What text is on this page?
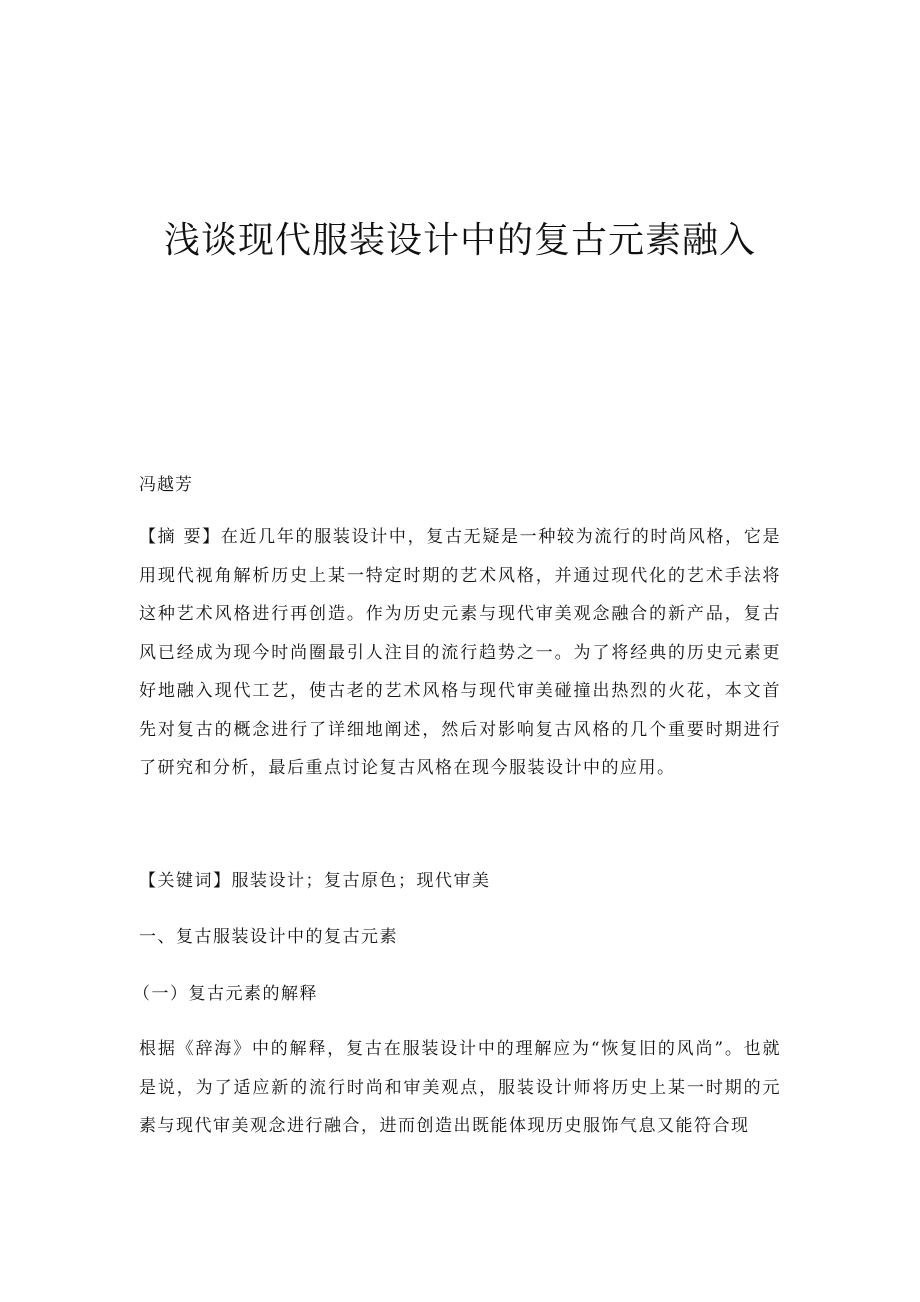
浅谈现代服装设计中的复古元素融入
冯越芳

【摘 要】在近几年的服装设计中，复古无疑是一种较为流行的时尚风格，它是用现代视角解析历史上某一特定时期的艺术风格，并通过现代化的艺术手法将这种艺术风格进行再创造。作为历史元素与现代审美观念融合的新产品，复古风已经成为现今时尚圈最引人注目的流行趋势之一。为了将经典的历史元素更好地融入现代工艺，使古老的艺术风格与现代审美碰撞出热烈的火花，本文首先对复古的概念进行了详细地阐述，然后对影响复古风格的几个重要时期进行了研究和分析，最后重点讨论复古风格在现今服装设计中的应用。

【关键词】服装设计；复古原色；现代审美

一、复古服装设计中的复古元素

（一）复古元素的解释

根据《辞海》中的解释，复古在服装设计中的理解应为“恢复旧的风尚”。也就是说，为了适应新的流行时尚和审美观点，服装设计师将历史上某一时期的元素与现代审美观念进行融合，进而创造出既能体现历史服饰气息又能符合现
